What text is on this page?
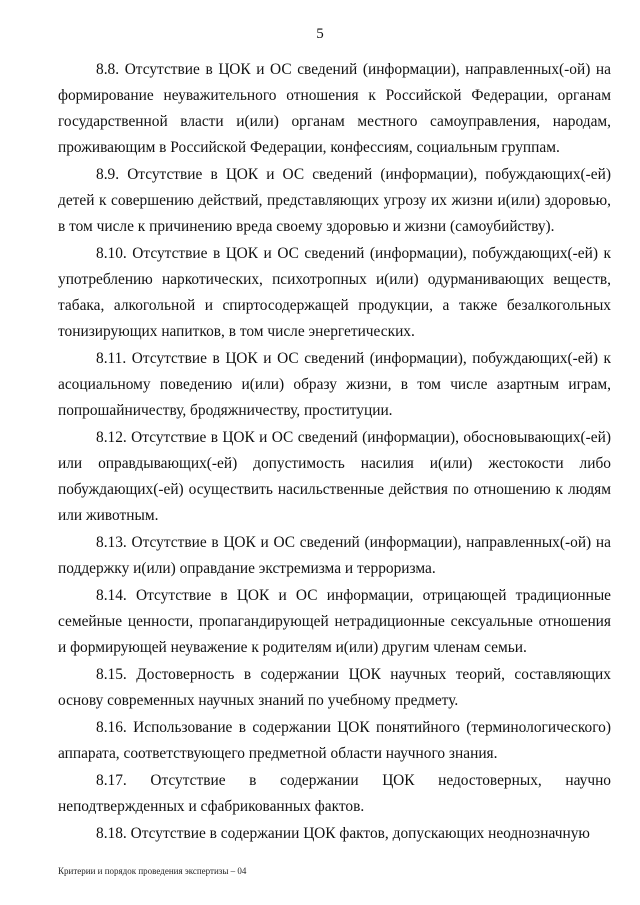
5

8.8. Отсутствие в ЦОК и ОС сведений (информации), направленных(-ой) на формирование неуважительного отношения к Российской Федерации, органам государственной власти и(или) органам местного самоуправления, народам, проживающим в Российской Федерации, конфессиям, социальным группам.

8.9. Отсутствие в ЦОК и ОС сведений (информации), побуждающих(-ей) детей к совершению действий, представляющих угрозу их жизни и(или) здоровью, в том числе к причинению вреда своему здоровью и жизни (самоубийству).

8.10. Отсутствие в ЦОК и ОС сведений (информации), побуждающих(-ей) к употреблению наркотических, психотропных и(или) одурманивающих веществ, табака, алкогольной и спиртосодержащей продукции, а также безалкогольных тонизирующих напитков, в том числе энергетических.

8.11. Отсутствие в ЦОК и ОС сведений (информации), побуждающих(-ей) к асоциальному поведению и(или) образу жизни, в том числе азартным играм, попрошайничеству, бродяжничеству, проституции.

8.12. Отсутствие в ЦОК и ОС сведений (информации), обосновывающих(-ей) или оправдывающих(-ей) допустимость насилия и(или) жестокости либо побуждающих(-ей) осуществить насильственные действия по отношению к людям или животным.

8.13. Отсутствие в ЦОК и ОС сведений (информации), направленных(-ой) на поддержку и(или) оправдание экстремизма и терроризма.

8.14. Отсутствие в ЦОК и ОС информации, отрицающей традиционные семейные ценности, пропагандирующей нетрадиционные сексуальные отношения и формирующей неуважение к родителям и(или) другим членам семьи.

8.15. Достоверность в содержании ЦОК научных теорий, составляющих основу современных научных знаний по учебному предмету.

8.16. Использование в содержании ЦОК понятийного (терминологического) аппарата, соответствующего предметной области научного знания.

8.17. Отсутствие в содержании ЦОК недостоверных, научно неподтвержденных и сфабрикованных фактов.

8.18. Отсутствие в содержании ЦОК фактов, допускающих неоднозначную

Критерии и порядок проведения экспертизы – 04
